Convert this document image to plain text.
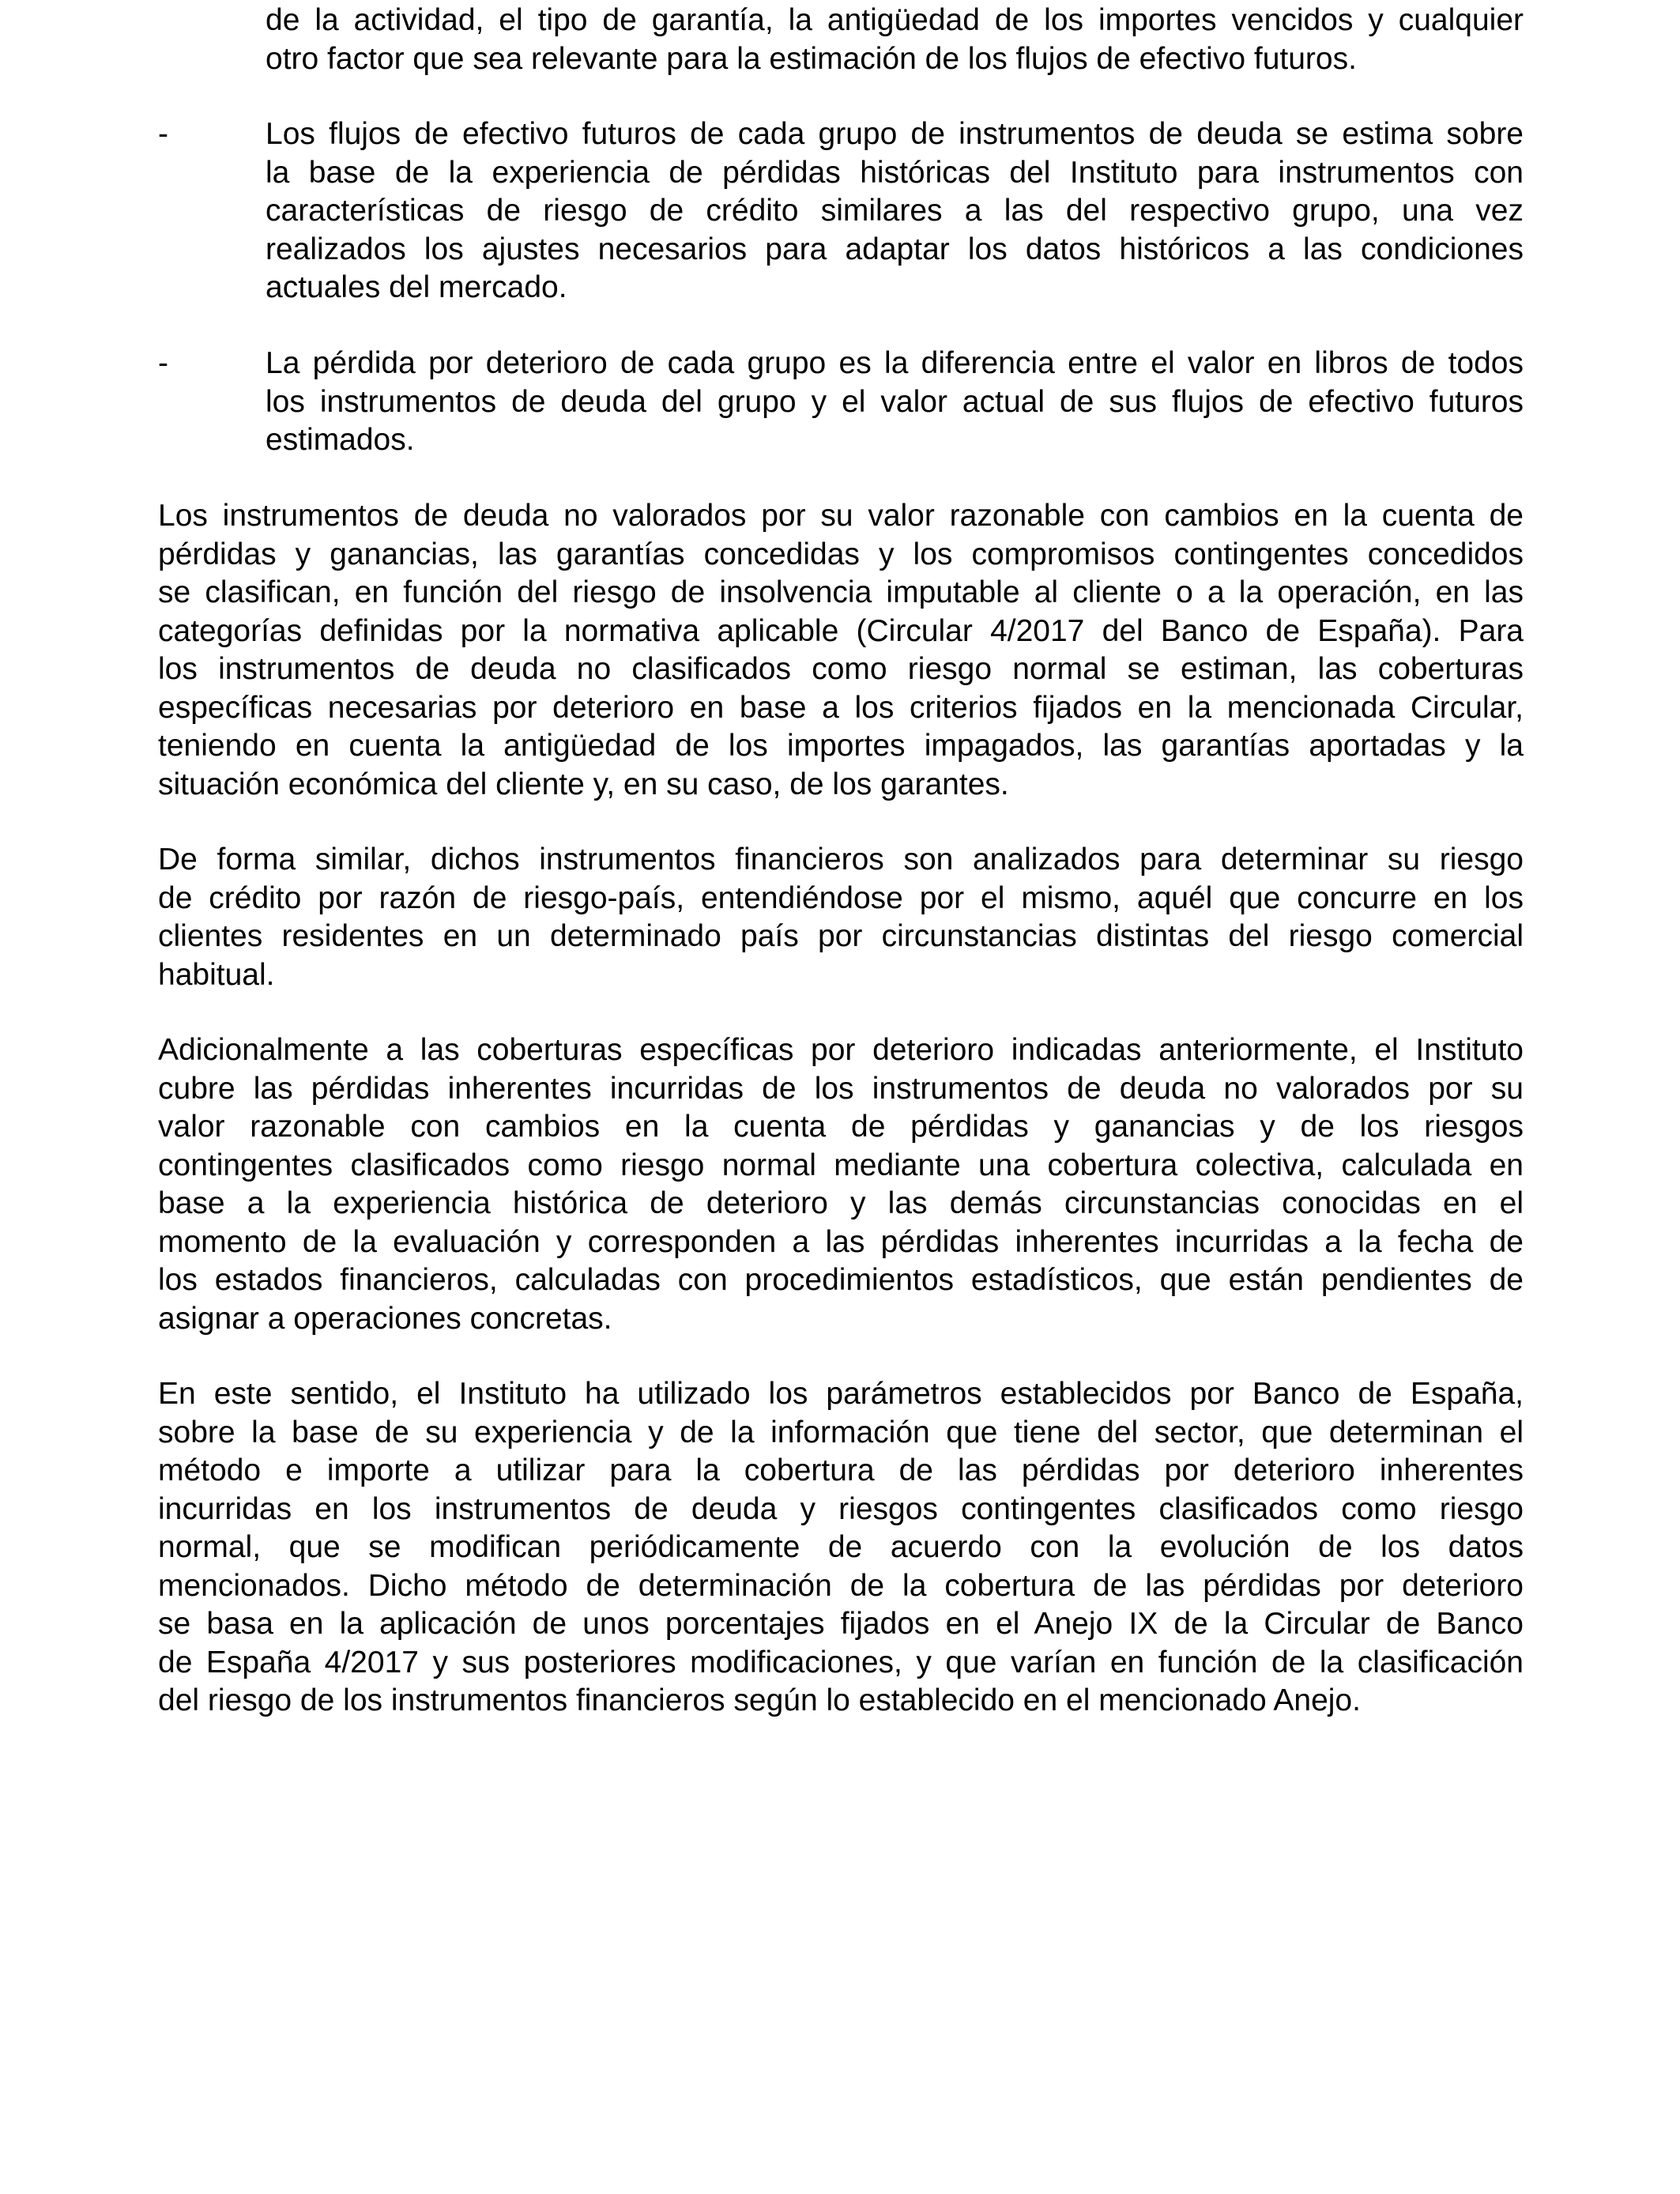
de la actividad, el tipo de garantía, la antigüedad de los importes vencidos y cualquier
otro factor que sea relevante para la estimación de los flujos de efectivo futuros.
-	Los flujos de efectivo futuros de cada grupo de instrumentos de deuda se estima sobre
la base de la experiencia de pérdidas históricas del Instituto para instrumentos con
características de riesgo de crédito similares a las del respectivo grupo, una vez
realizados los ajustes necesarios para adaptar los datos históricos a las condiciones
actuales del mercado.
-	La pérdida por deterioro de cada grupo es la diferencia entre el valor en libros de todos
los instrumentos de deuda del grupo y el valor actual de sus flujos de efectivo futuros
estimados.
Los instrumentos de deuda no valorados por su valor razonable con cambios en la cuenta de
pérdidas y ganancias, las garantías concedidas y los compromisos contingentes concedidos
se clasifican, en función del riesgo de insolvencia imputable al cliente o a la operación, en las
categorías definidas por la normativa aplicable (Circular 4/2017 del Banco de España). Para
los instrumentos de deuda no clasificados como riesgo normal se estiman, las coberturas
específicas necesarias por deterioro en base a los criterios fijados en la mencionada Circular,
teniendo en cuenta la antigüedad de los importes impagados, las garantías aportadas y la
situación económica del cliente y, en su caso, de los garantes.
De forma similar, dichos instrumentos financieros son analizados para determinar su riesgo
de crédito por razón de riesgo-país, entendiéndose por el mismo, aquél que concurre en los
clientes residentes en un determinado país por circunstancias distintas del riesgo comercial
habitual.
Adicionalmente a las coberturas específicas por deterioro indicadas anteriormente, el Instituto
cubre las pérdidas inherentes incurridas de los instrumentos de deuda no valorados por su
valor razonable con cambios en la cuenta de pérdidas y ganancias y de los riesgos
contingentes clasificados como riesgo normal mediante una cobertura colectiva, calculada en
base a la experiencia histórica de deterioro y las demás circunstancias conocidas en el
momento de la evaluación y corresponden a las pérdidas inherentes incurridas a la fecha de
los estados financieros, calculadas con procedimientos estadísticos, que están pendientes de
asignar a operaciones concretas.
En este sentido, el Instituto ha utilizado los parámetros establecidos por Banco de España,
sobre la base de su experiencia y de la información que tiene del sector, que determinan el
método e importe a utilizar para la cobertura de las pérdidas por deterioro inherentes
incurridas en los instrumentos de deuda y riesgos contingentes clasificados como riesgo
normal, que se modifican periódicamente de acuerdo con la evolución de los datos
mencionados. Dicho método de determinación de la cobertura de las pérdidas por deterioro
se basa en la aplicación de unos porcentajes fijados en el Anejo IX de la Circular de Banco
de España 4/2017 y sus posteriores modificaciones, y que varían en función de la clasificación
del riesgo de los instrumentos financieros según lo establecido en el mencionado Anejo.
